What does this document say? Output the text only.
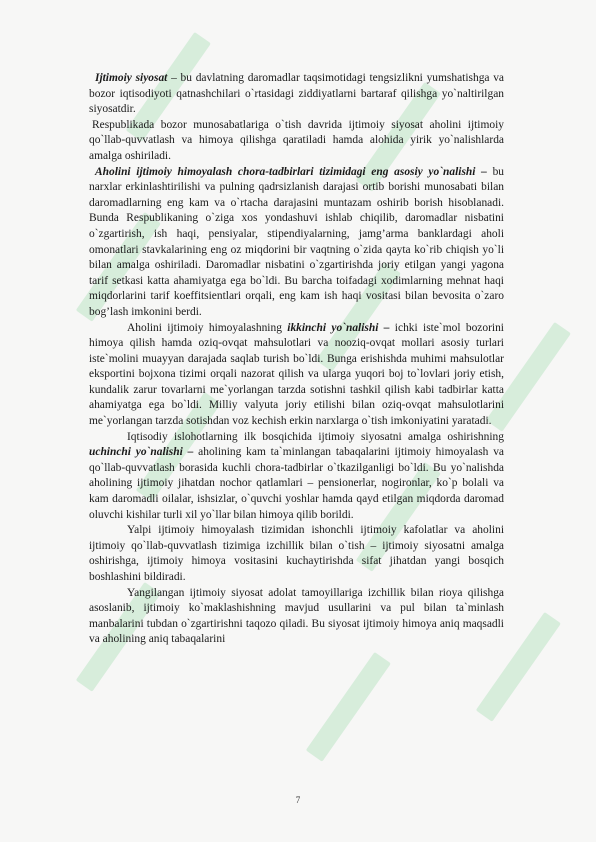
Ijtimoiy siyosat – bu davlatning daromadlar taqsimotidagi tengsizlikni yumshatishga va bozor iqtisodiyoti qatnashchilari o`rtasidagi ziddiyatlarni bartaraf qilishga yo`naltirilgan siyosatdir.

Respublikada bozor munosabatlariga o`tish davrida ijtimoiy siyosat aholini ijtimoiy qo`llab-quvvatlash va himoya qilishga qaratiladi hamda alohida yirik yo`nalishlarda amalga oshiriladi.

Aholini ijtimoiy himoyalash chora-tadbirlari tizimidagi eng asosiy yo`nalishi – bu narxlar erkinlashtirilishi va pulning qadrsizlanish darajasi ortib borishi munosabati bilan daromadlarning eng kam va o`rtacha darajasini muntazam oshirib borish hisoblanadi. Bunda Respublikaning o`ziga xos yondashuvi ishlab chiqilib, daromadlar nisbatini o`zgartirish, ish haqi, pensiyalar, stipendiyalarning, jamg’arma banklardagi aholi omonatlari stavkalarining eng oz miqdorini bir vaqtning o`zida qayta ko`rib chiqish yo`li bilan amalga oshiriladi. Daromadlar nisbatini o`zgartirishda joriy etilgan yangi yagona tarif setkasi katta ahamiyatga ega bo`ldi. Bu barcha toifadagi xodimlarning mehnat haqi miqdorlarini tarif koeffitsientlari orqali, eng kam ish haqi vositasi bilan bevosita o`zaro bog’lash imkonini berdi.

Aholini ijtimoiy himoyalashning ikkinchi yo`nalishi – ichki iste`mol bozorini himoya qilish hamda oziq-ovqat mahsulotlari va nooziq-ovqat mollari asosiy turlari iste`molini muayyan darajada saqlab turish bo`ldi. Bunga erishishda muhimi mahsulotlar eksportini bojxona tizimi orqali nazorat qilish va ularga yuqori boj to`lovlari joriy etish, kundalik zarur tovarlarni me`yorlangan tarzda sotishni tashkil qilish kabi tadbirlar katta ahamiyatga ega bo`ldi. Milliy valyuta joriy etilishi bilan oziq-ovqat mahsulotlarini me`yorlangan tarzda sotishdan voz kechish erkin narxlarga o`tish imkoniyatini yaratadi.

Iqtisodiy islohotlarning ilk bosqichida ijtimoiy siyosatni amalga oshirishning uchinchi yo`nalishi – aholining kam ta`minlangan tabaqalarini ijtimoiy himoyalash va qo`llab-quvvatlash borasida kuchli chora-tadbirlar o`tkazilganligi bo`ldi. Bu yo`nalishda aholining ijtimoiy jihatdan nochor qatlamlari – pensionerlar, nogironlar, ko`p bolali va kam daromadli oilalar, ishsizlar, o`quvchi yoshlar hamda qayd etilgan miqdorda daromad oluvchi kishilar turli xil yo`llar bilan himoya qilib borildi.

Yalpi ijtimoiy himoyalash tizimidan ishonchli ijtimoiy kafolatlar va aholini ijtimoiy qo`llab-quvvatlash tizimiga izchillik bilan o`tish – ijtimoiy siyosatni amalga oshirishga, ijtimoiy himoya vositasini kuchaytirishda sifat jihatdan yangi bosqich boshlashini bildiradi.

Yangilangan ijtimoiy siyosat adolat tamoyillariga izchillik bilan rioya qilishga asoslanib, ijtimoiy ko`maklashishning mavjud usullarini va pul bilan ta`minlash manbalarini tubdan o`zgartirishni taqozo qiladi. Bu siyosat ijtimoiy himoya aniq maqsadli va aholining aniq tabaqalarini

7
